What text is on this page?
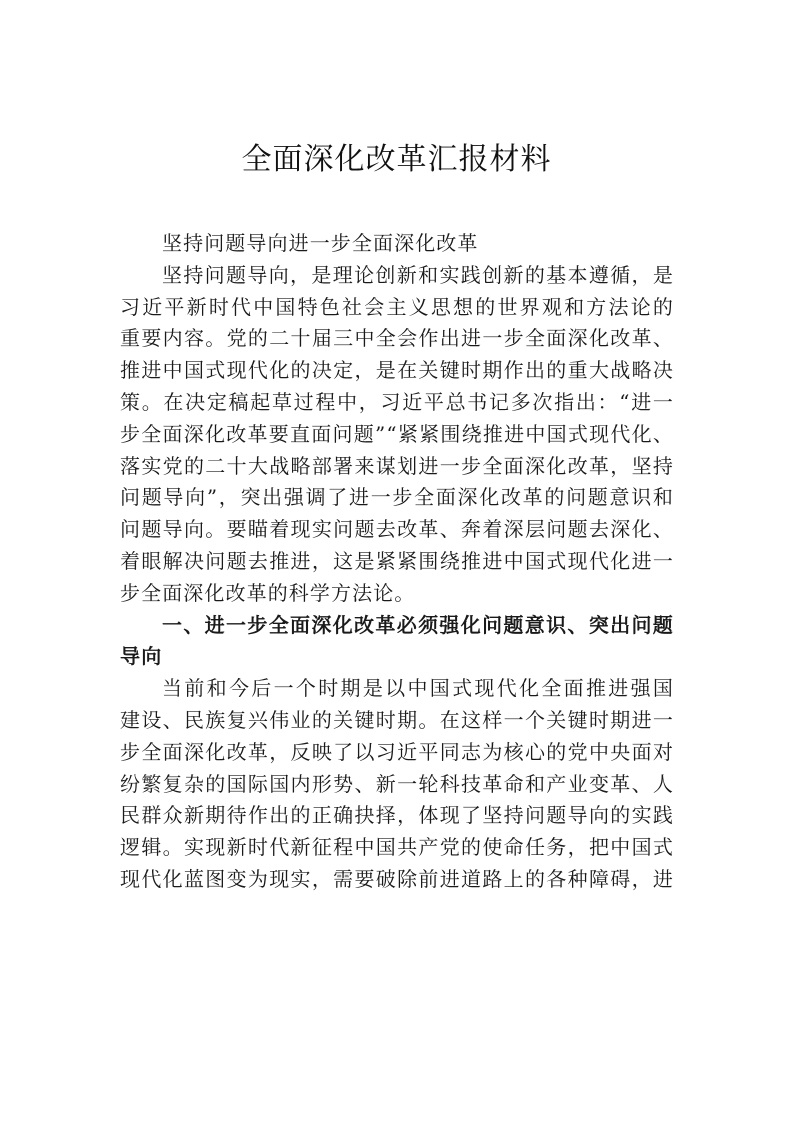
全面深化改革汇报材料
坚持问题导向进一步全面深化改革
坚持问题导向，是理论创新和实践创新的基本遵循，是
习近平新时代中国特色社会主义思想的世界观和方法论的
重要内容。党的二十届三中全会作出进一步全面深化改革、
推进中国式现代化的决定，是在关键时期作出的重大战略决
策。在决定稿起草过程中，习近平总书记多次指出：“进一
步全面深化改革要直面问题”“紧紧围绕推进中国式现代化、
落实党的二十大战略部署来谋划进一步全面深化改革，坚持
问题导向”，突出强调了进一步全面深化改革的问题意识和
问题导向。要瞄着现实问题去改革、奔着深层问题去深化、
着眼解决问题去推进，这是紧紧围绕推进中国式现代化进一
步全面深化改革的科学方法论。
一、进一步全面深化改革必须强化问题意识、突出问题
导向
当前和今后一个时期是以中国式现代化全面推进强国
建设、民族复兴伟业的关键时期。在这样一个关键时期进一
步全面深化改革，反映了以习近平同志为核心的党中央面对
纷繁复杂的国际国内形势、新一轮科技革命和产业变革、人
民群众新期待作出的正确抉择，体现了坚持问题导向的实践
逻辑。实现新时代新征程中国共产党的使命任务，把中国式
现代化蓝图变为现实，需要破除前进道路上的各种障碍，进
